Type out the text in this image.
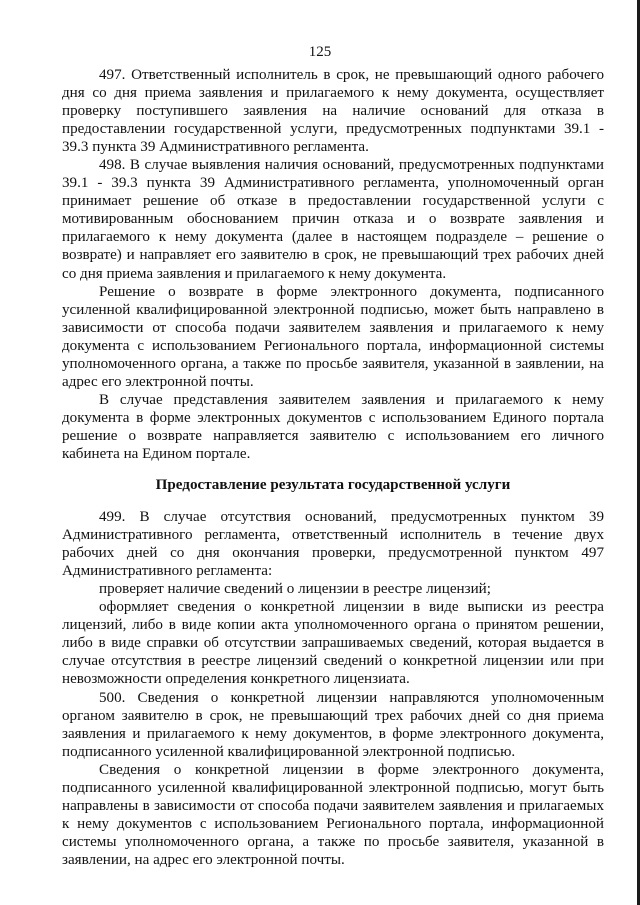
125

497. Ответственный исполнитель в срок, не превышающий одного рабочего дня со дня приема заявления и прилагаемого к нему документа, осуществляет проверку поступившего заявления на наличие оснований для отказа в предоставлении государственной услуги, предусмотренных подпунктами 39.1 - 39.3 пункта 39 Административного регламента.

498. В случае выявления наличия оснований, предусмотренных подпунктами 39.1 - 39.3 пункта 39 Административного регламента, уполномоченный орган принимает решение об отказе в предоставлении государственной услуги с мотивированным обоснованием причин отказа и о возврате заявления и прилагаемого к нему документа (далее в настоящем подразделе – решение о возврате) и направляет его заявителю в срок, не превышающий трех рабочих дней со дня приема заявления и прилагаемого к нему документа.

Решение о возврате в форме электронного документа, подписанного усиленной квалифицированной электронной подписью, может быть направлено в зависимости от способа подачи заявителем заявления и прилагаемого к нему документа с использованием Регионального портала, информационной системы уполномоченного органа, а также по просьбе заявителя, указанной в заявлении, на адрес его электронной почты.

В случае представления заявителем заявления и прилагаемого к нему документа в форме электронных документов с использованием Единого портала решение о возврате направляется заявителю с использованием его личного кабинета на Едином портале.

Предоставление результата государственной услуги

499. В случае отсутствия оснований, предусмотренных пунктом 39 Административного регламента, ответственный исполнитель в течение двух рабочих дней со дня окончания проверки, предусмотренной пунктом 497 Административного регламента:

проверяет наличие сведений о лицензии в реестре лицензий;

оформляет сведения о конкретной лицензии в виде выписки из реестра лицензий, либо в виде копии акта уполномоченного органа о принятом решении, либо в виде справки об отсутствии запрашиваемых сведений, которая выдается в случае отсутствия в реестре лицензий сведений о конкретной лицензии или при невозможности определения конкретного лицензиата.

500. Сведения о конкретной лицензии направляются уполномоченным органом заявителю в срок, не превышающий трех рабочих дней со дня приема заявления и прилагаемого к нему документов, в форме электронного документа, подписанного усиленной квалифицированной электронной подписью.

Сведения о конкретной лицензии в форме электронного документа, подписанного усиленной квалифицированной электронной подписью, могут быть направлены в зависимости от способа подачи заявителем заявления и прилагаемых к нему документов с использованием Регионального портала, информационной системы уполномоченного органа, а также по просьбе заявителя, указанной в заявлении, на адрес его электронной почты.
